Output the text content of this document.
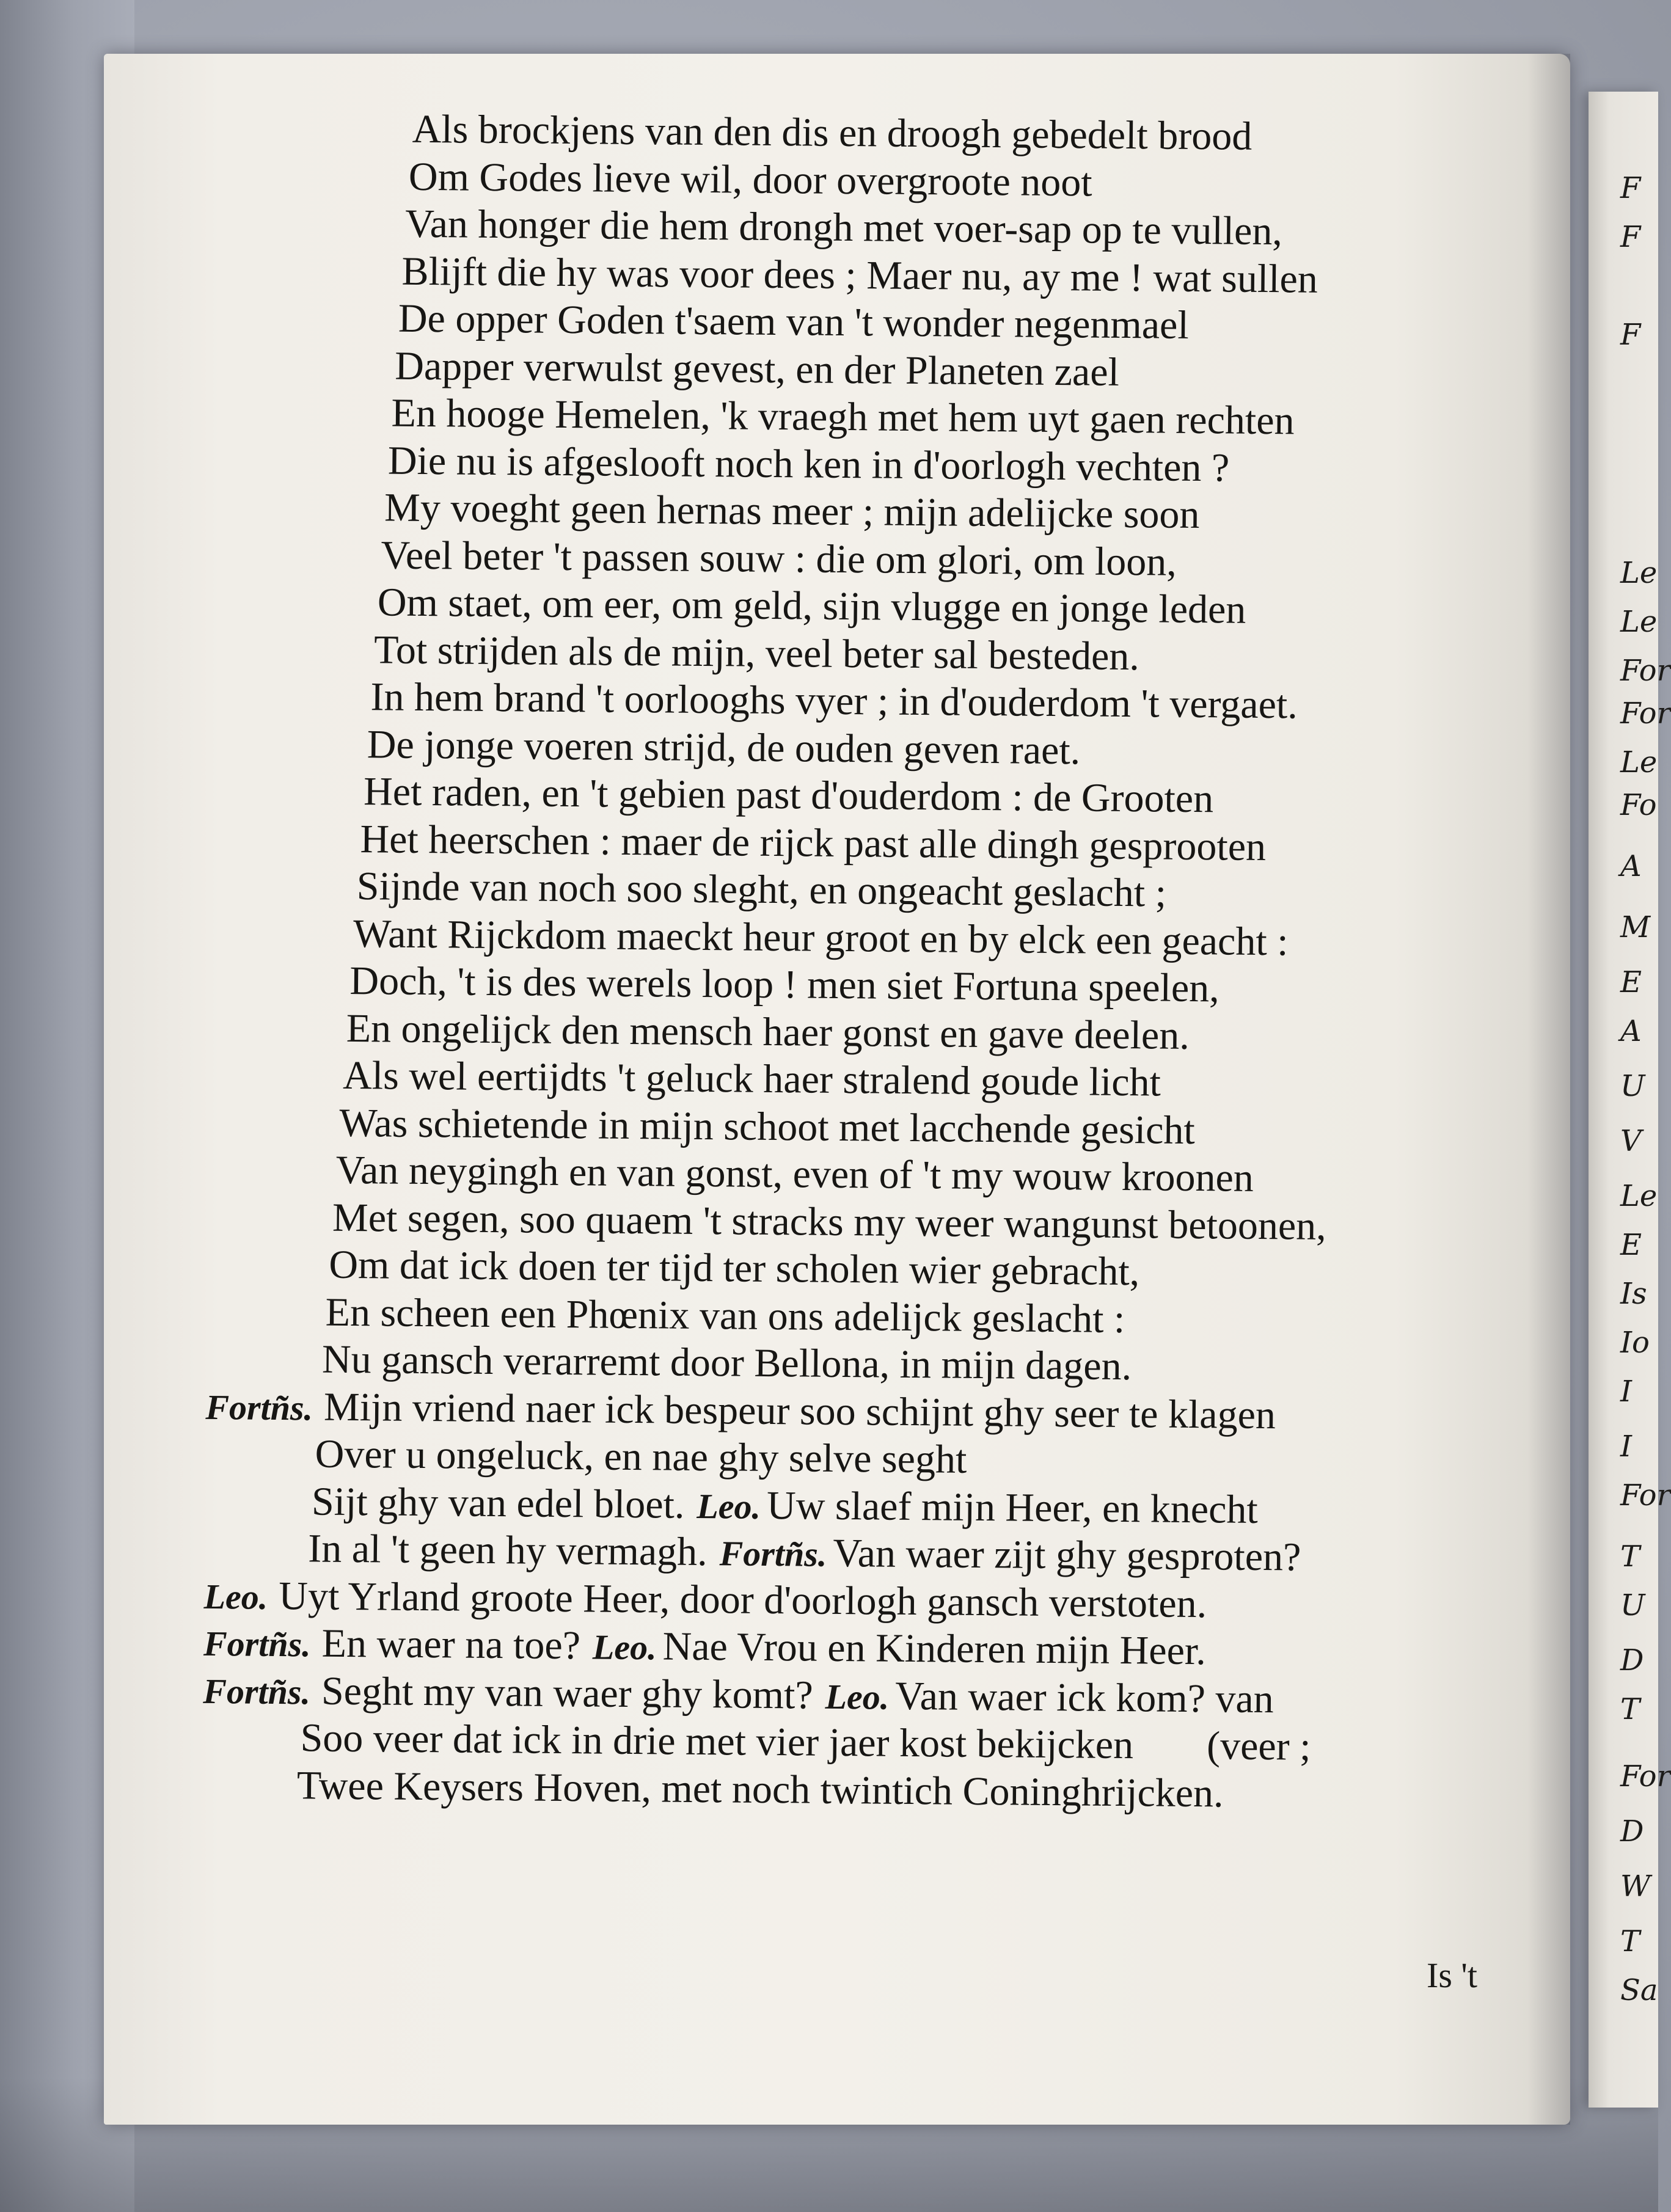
F
F
F
Le
Le
For
For
Le
Fo
A
M
E
A
U
V
Le
E
Is
Io
I
I
For
T
U
D
T
For
D
W
T
Sa
Als brockjens van den dis en droogh gebedelt brood
Om Godes lieve wil, door overgroote noot
Van honger die hem drongh met voer-sap op te vullen,
Blijft die hy was voor dees ; Maer nu, ay me ! wat sullen
De opper Goden t'saem van 't wonder negenmael
Dapper verwulst gevest, en der Planeten zael
En hooge Hemelen, 'k vraegh met hem uyt gaen rechten
Die nu is afgeslooft noch ken in d'oorlogh vechten ?
My voeght geen hernas meer ; mijn adelijcke soon
Veel beter 't passen souw : die om glori, om loon,
Om staet, om eer, om geld, sijn vlugge en jonge leden
Tot strijden als de mijn, veel beter sal besteden.
In hem brand 't oorlooghs vyer ; in d'ouderdom 't vergaet.
De jonge voeren strijd, de ouden geven raet.
Het raden, en 't gebien past d'ouderdom : de Grooten
Het heerschen : maer de rijck past alle dingh gesprooten
Sijnde van noch soo sleght, en ongeacht geslacht ;
Want Rijckdom maeckt heur groot en by elck een geacht :
Doch, 't is des werels loop ! men siet Fortuna speelen,
En ongelijck den mensch haer gonst en gave deelen.
Als wel eertijdts 't geluck haer stralend goude licht
Was schietende in mijn schoot met lacchende gesicht
Van neygingh en van gonst, even of 't my wouw kroonen
Met segen, soo quaem 't stracks my weer wangunst betoonen,
Om dat ick doen ter tijd ter scholen wier gebracht,
En scheen een Phœnix van ons adelijck geslacht :
Nu gansch verarremt door Bellona, in mijn dagen.
Fortñs. Mijn vriend naer ick bespeur soo schijnt ghy seer te klagen
Over u ongeluck, en nae ghy selve seght
Sijt ghy van edel bloet. Leo. Uw slaef mijn Heer, en knecht
In al 't geen hy vermagh. Fortñs. Van waer zijt ghy gesproten?
Leo. Uyt Yrland groote Heer, door d'oorlogh gansch verstoten.
Fortñs. En waer na toe? Leo. Nae Vrou en Kinderen mijn Heer.
Fortñs. Seght my van waer ghy komt? Leo. Van waer ick kom? van
Soo veer dat ick in drie met vier jaer kost bekijcken (veer ;
Twee Keysers Hoven, met noch twintich Coninghrijcken.
Is 't
